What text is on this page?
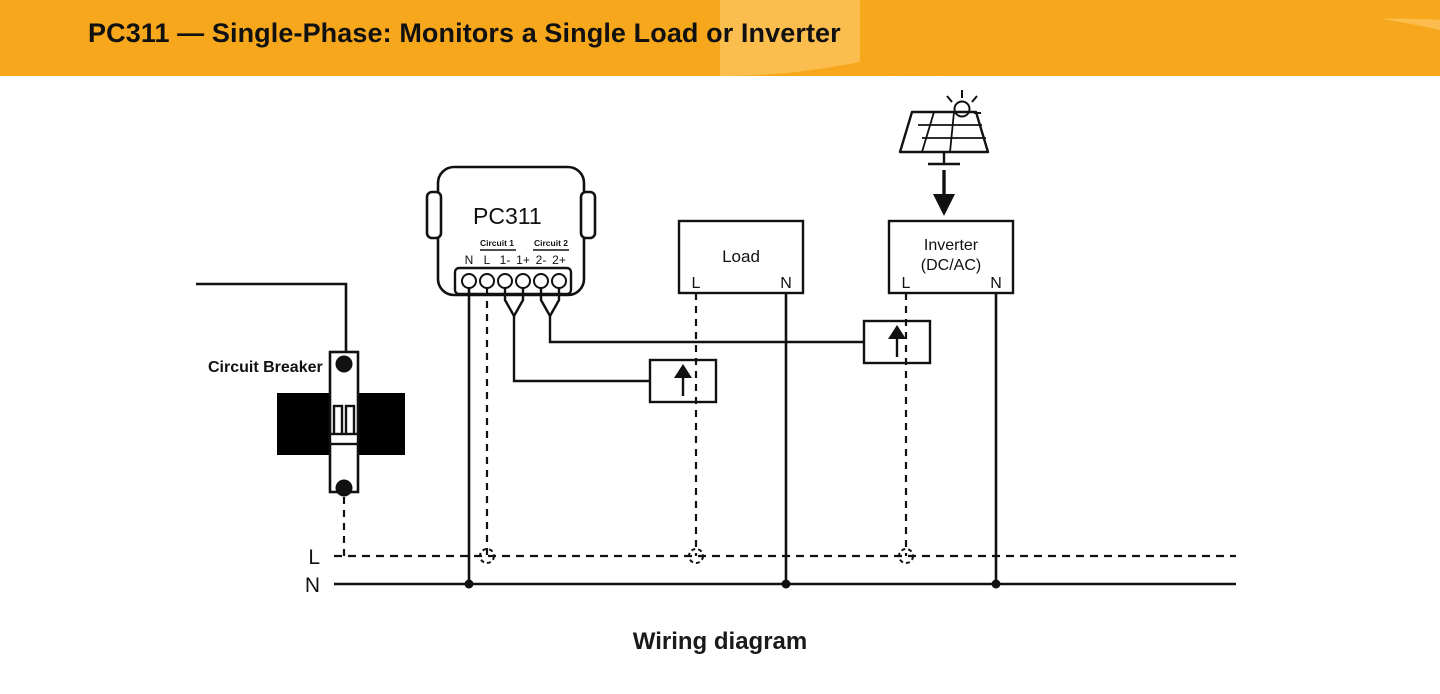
PC311 — Single-Phase: Monitors a Single Load or Inverter
Circuit Breaker
PC311
Circuit 1 Circuit 2
N L 1- 1+ 2- 2+	Load
L	N
Inverter
(DC/AC)
L	N
L
N
Wiring diagram
